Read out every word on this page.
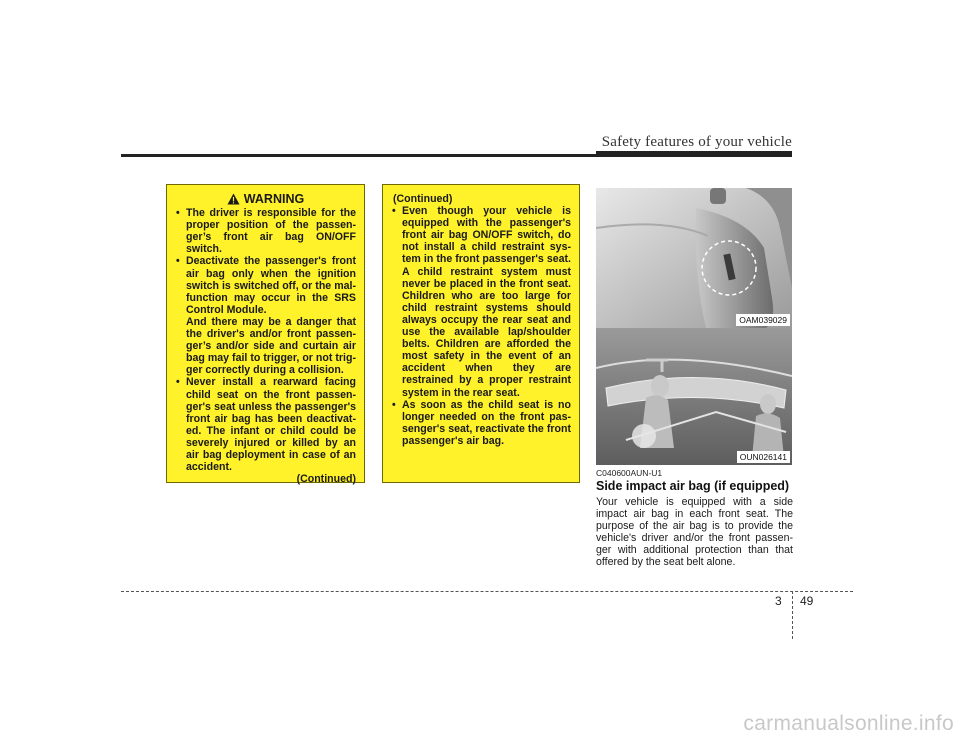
Safety features of your vehicle
WARNING
• The driver is responsible for the proper position of the passen-ger’s front air bag ON/OFF switch.
• Deactivate the passenger's front air bag only when the ignition switch is switched off, or the mal-function may occur in the SRS Control Module.
And there may be a danger that the driver's and/or front passen-ger’s and/or side and curtain air bag may fail to trigger, or not trig-ger correctly during a collision.
• Never install a rearward facing child seat on the front passen-ger's seat unless the passenger's front air bag has been deactivat-ed. The infant or child could be severely injured or killed by an air bag deployment in case of an accident.
(Continued)
(Continued)
• Even though your vehicle is equipped with the passenger's front air bag ON/OFF switch, do not install a child restraint sys-tem in the front passenger's seat. A child restraint system must never be placed in the front seat. Children who are too large for child restraint systems should always occupy the rear seat and use the available lap/shoulder belts. Children are afforded the most safety in the event of an accident when they are restrained by a proper restraint system in the rear seat.
• As soon as the child seat is no longer needed on the front pas-senger's seat, reactivate the front passenger's air bag.
OAM039029
OUN026141
C040600AUN-U1
Side impact air bag (if equipped)
Your vehicle is equipped with a side impact air bag in each front seat. The purpose of the air bag is to provide the vehicle's driver and/or the front passen-ger with additional protection than that offered by the seat belt alone.
3 49
carmanualsonline.info
